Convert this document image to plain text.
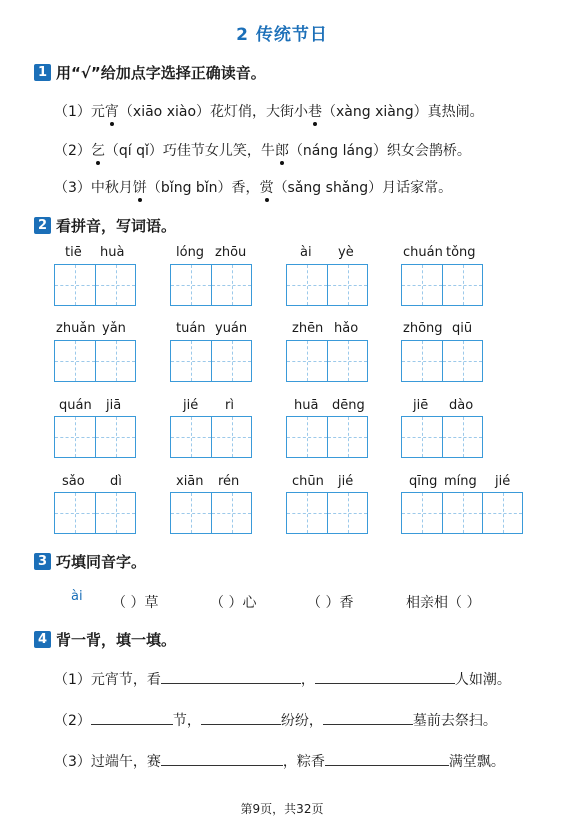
2 传统节日
1 用“√”给加点字选择正确读音。
（1）元宵（xiāo xiào）花灯俏，大街小巷（xàng xiàng）真热闹。
（2）乞（qí qǐ）巧佳节女儿笑，牛郎（náng láng）织女会鹊桥。
（3）中秋月饼（bǐng bǐn）香，赏（sǎng shǎng）月话家常。
2 看拼音，写词语。
tiē huà	lóng zhōu	ài yè	chuán tǒng
zhuǎn yǎn	tuán yuán	zhēn hǎo	zhōng qiū
quán jiā	jié rì	huā dēng	jiē dào
sǎo dì	xiān rén	chūn jié	qīng míng jié
3 巧填同音字。
ài （ ）草	（ ）心	（ ）香	相亲相（ ）
4 背一背，填一填。
（1）元宵节，看	，	人如潮。
（2）	节，	纷纷，	墓前去祭扫。
（3）过端午，赛	，粽香	满堂飘。
第9页，共32页
